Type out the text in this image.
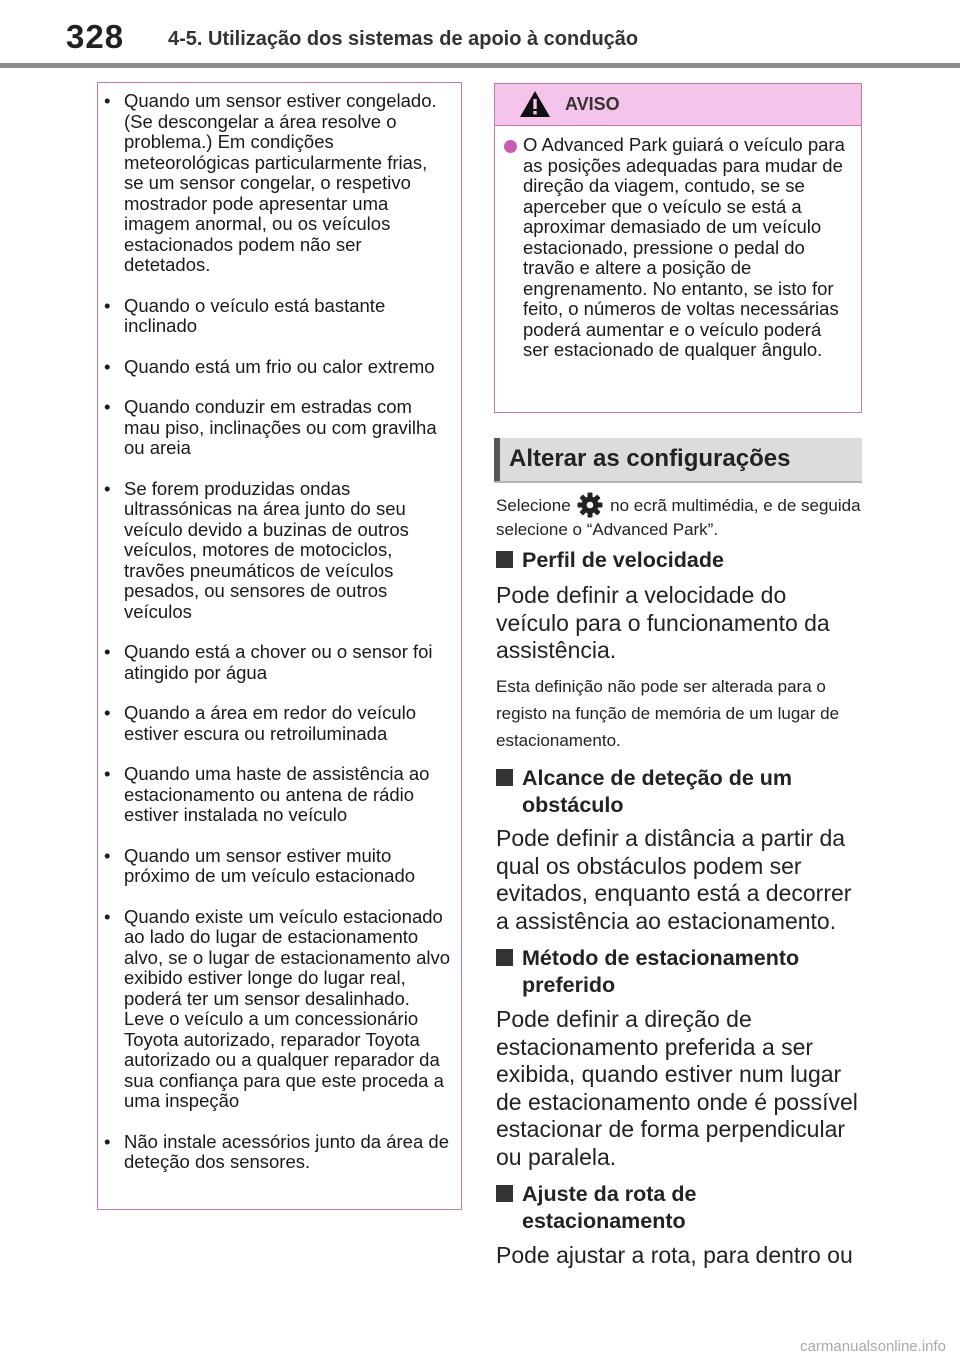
328 4-5. Utilização dos sistemas de apoio à condução
• Quando um sensor estiver congelado. (Se descongelar a área resolve o problema.) Em condições meteorológicas particularmente frias, se um sensor congelar, o respetivo mostrador pode apresentar uma imagem anormal, ou os veículos estacionados podem não ser detetados.
• Quando o veículo está bastante inclinado
• Quando está um frio ou calor extremo
• Quando conduzir em estradas com mau piso, inclinações ou com gravilha ou areia
• Se forem produzidas ondas ultrassónicas na área junto do seu veículo devido a buzinas de outros veículos, motores de motociclos, travões pneumáticos de veículos pesados, ou sensores de outros veículos
• Quando está a chover ou o sensor foi atingido por água
• Quando a área em redor do veículo estiver escura ou retroiluminada
• Quando uma haste de assistência ao estacionamento ou antena de rádio estiver instalada no veículo
• Quando um sensor estiver muito próximo de um veículo estacionado
• Quando existe um veículo estacionado ao lado do lugar de estacionamento alvo, se o lugar de estacionamento alvo exibido estiver longe do lugar real, poderá ter um sensor desalinhado. Leve o veículo a um concessionário Toyota autorizado, reparador Toyota autorizado ou a qualquer reparador da sua confiança para que este proceda a uma inspeção
• Não instale acessórios junto da área de deteção dos sensores.
AVISO
O Advanced Park guiará o veículo para as posições adequadas para mudar de direção da viagem, contudo, se se aperceber que o veículo se está a aproximar demasiado de um veículo estacionado, pressione o pedal do travão e altere a posição de engrenamento. No entanto, se isto for feito, o números de voltas necessárias poderá aumentar e o veículo poderá ser estacionado de qualquer ângulo.
Alterar as configurações
Selecione  no ecrã multimédia, e de seguida selecione o “Advanced Park”.
Perfil de velocidade
Pode definir a velocidade do veículo para o funcionamento da assistência.
Esta definição não pode ser alterada para o registo na função de memória de um lugar de estacionamento.
Alcance de deteção de um obstáculo
Pode definir a distância a partir da qual os obstáculos podem ser evitados, enquanto está a decorrer a assistência ao estacionamento.
Método de estacionamento preferido
Pode definir a direção de estacionamento preferida a ser exibida, quando estiver num lugar de estacionamento onde é possível estacionar de forma perpendicular ou paralela.
Ajuste da rota de estacionamento
Pode ajustar a rota, para dentro ou
carmanualsonline.info
